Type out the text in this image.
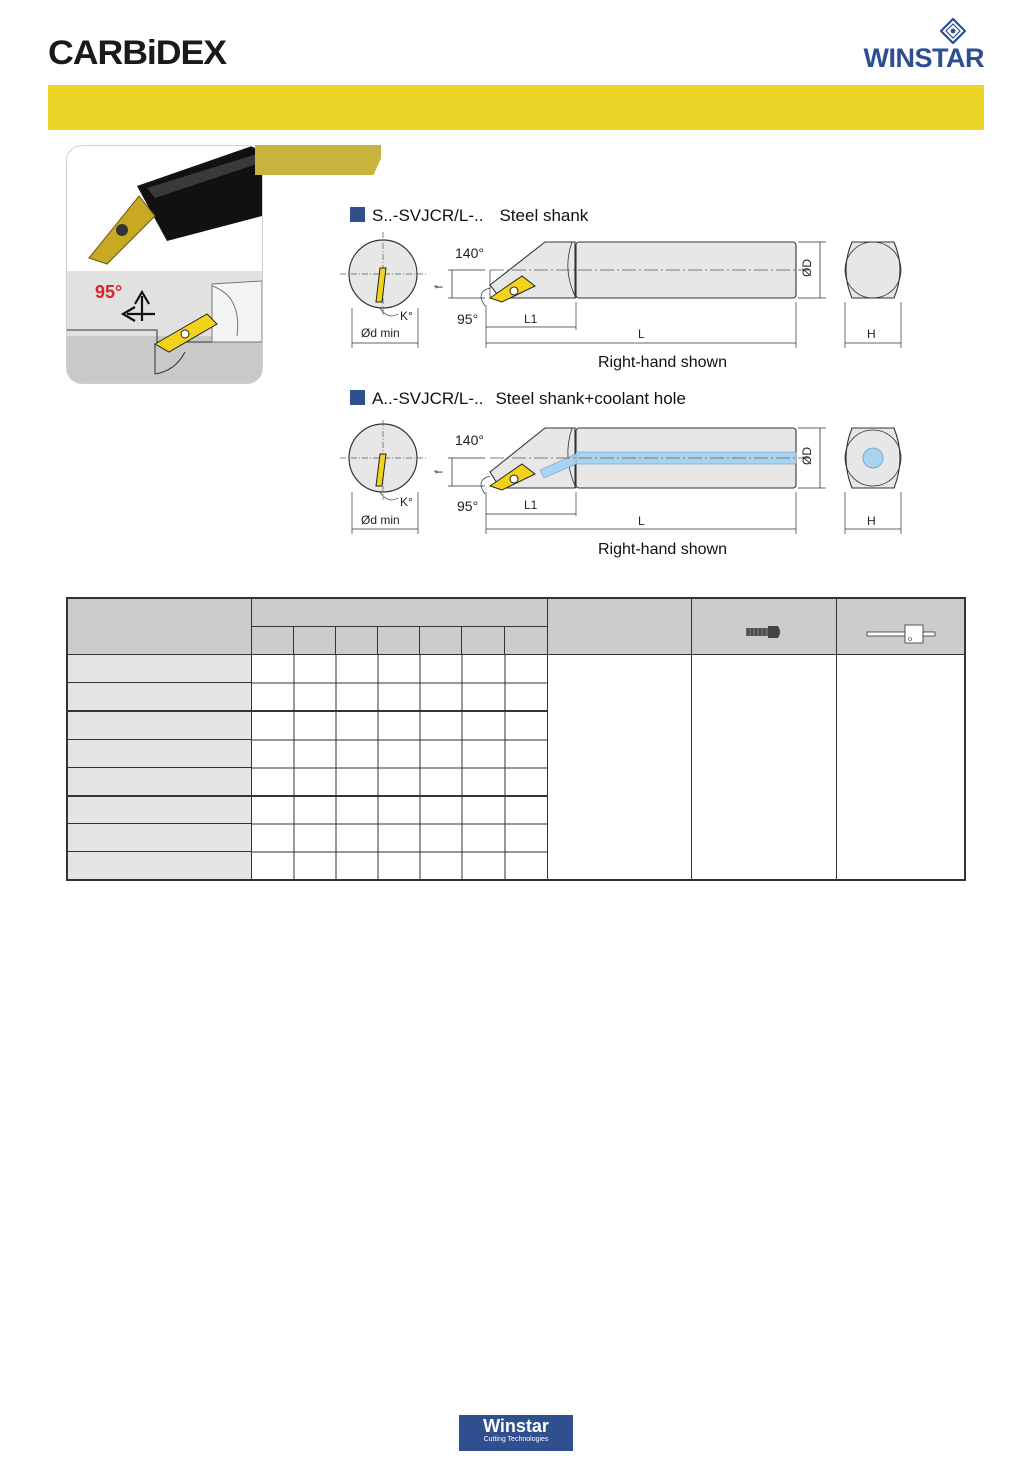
CARBiDEX	WINSTAR
95°
S..-SVJCR/L-.. Steel shank
140°
95°
f
L1
L
ØD
H
K°
Ød min
Right-hand shown
A..-SVJCR/L-.. Steel shank+coolant hole
140°
95°
f
L1
L
ØD
H
K°
Ød min
Right-hand shown
Winstar
Cutting Technologies
